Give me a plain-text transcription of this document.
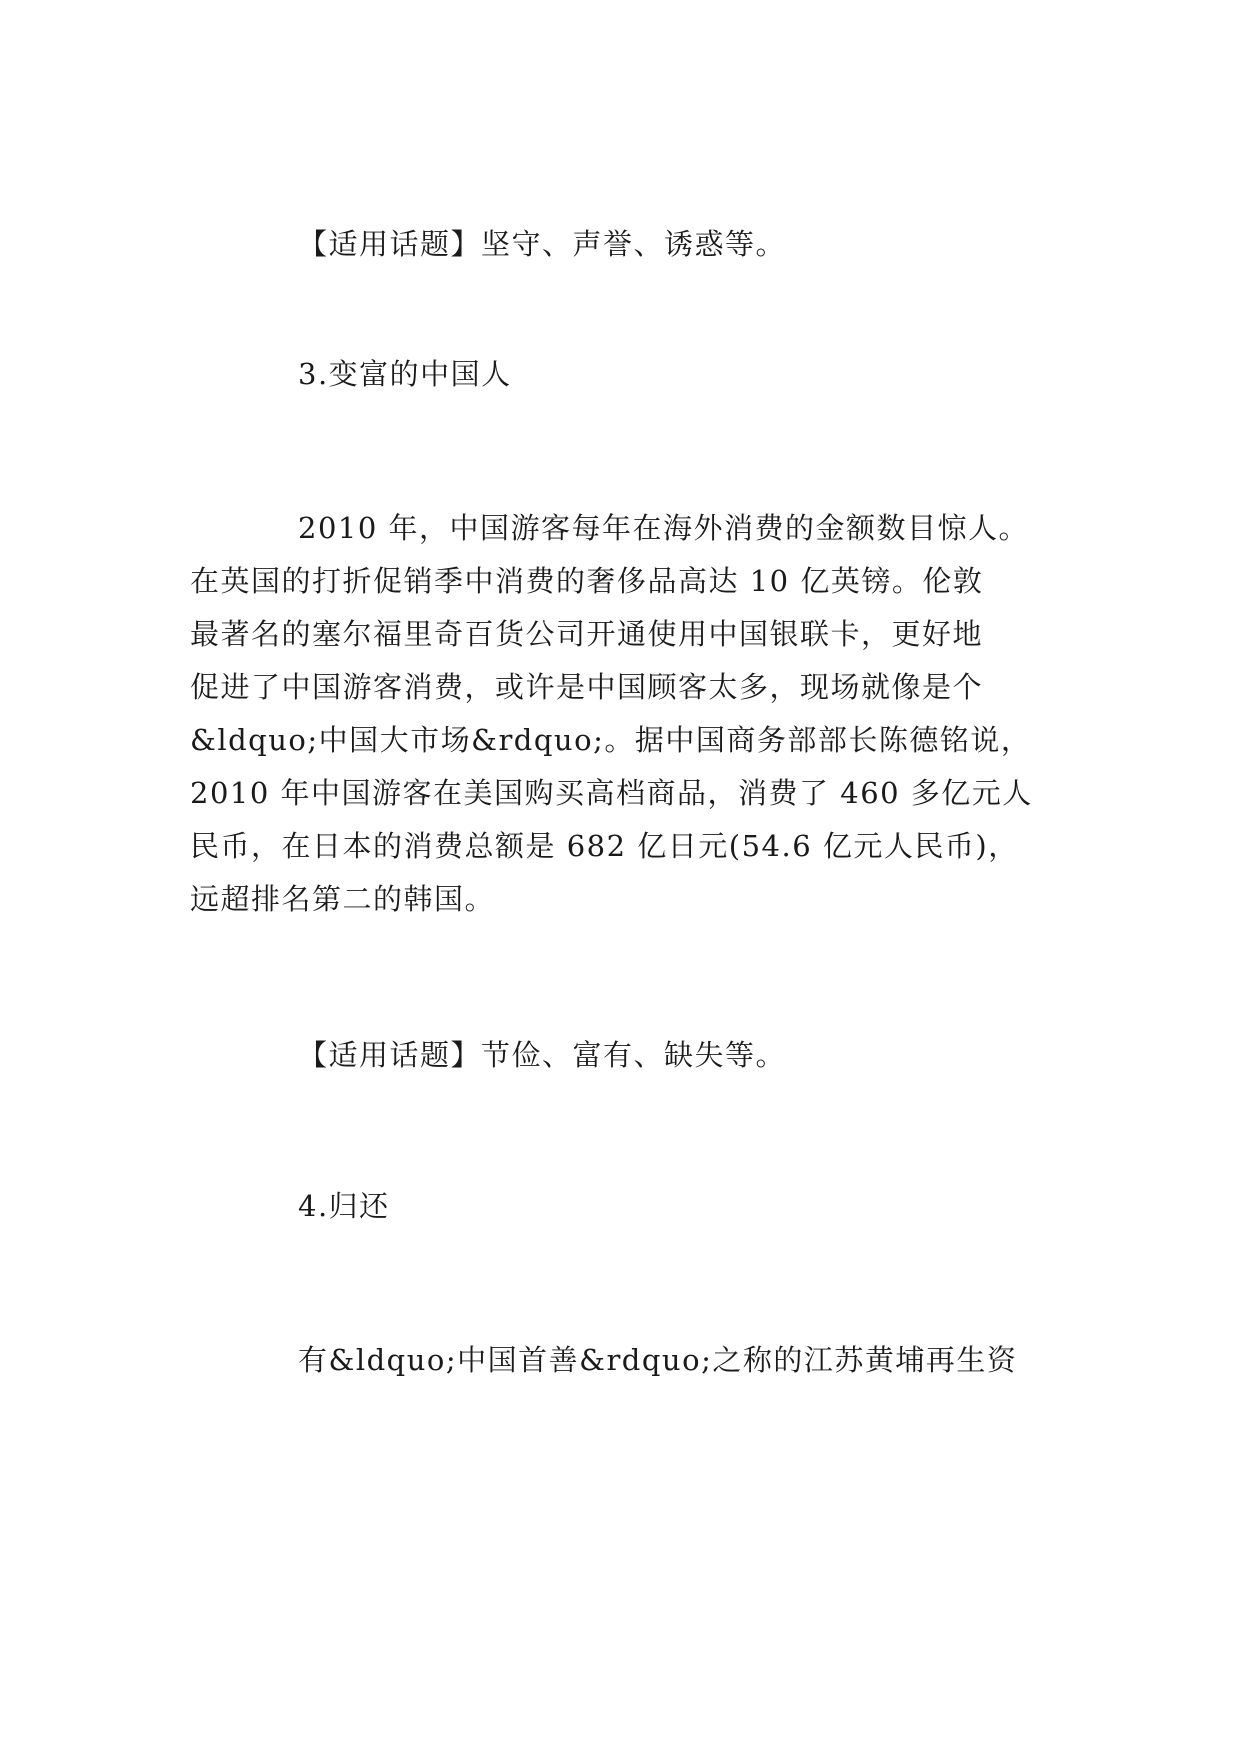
【适用话题】坚守、声誉、诱惑等。
3.变富的中国人
2010 年，中国游客每年在海外消费的金额数目惊人。
在英国的打折促销季中消费的奢侈品高达 10 亿英镑。伦敦
最著名的塞尔福里奇百货公司开通使用中国银联卡，更好地
促进了中国游客消费，或许是中国顾客太多，现场就像是个
&ldquo;中国大市场&rdquo;。据中国商务部部长陈德铭说，
2010 年中国游客在美国购买高档商品，消费了 460 多亿元人
民币，在日本的消费总额是 682 亿日元(54.6 亿元人民币)，
远超排名第二的韩国。
【适用话题】节俭、富有、缺失等。
4.归还
有&ldquo;中国首善&rdquo;之称的江苏黄埔再生资
